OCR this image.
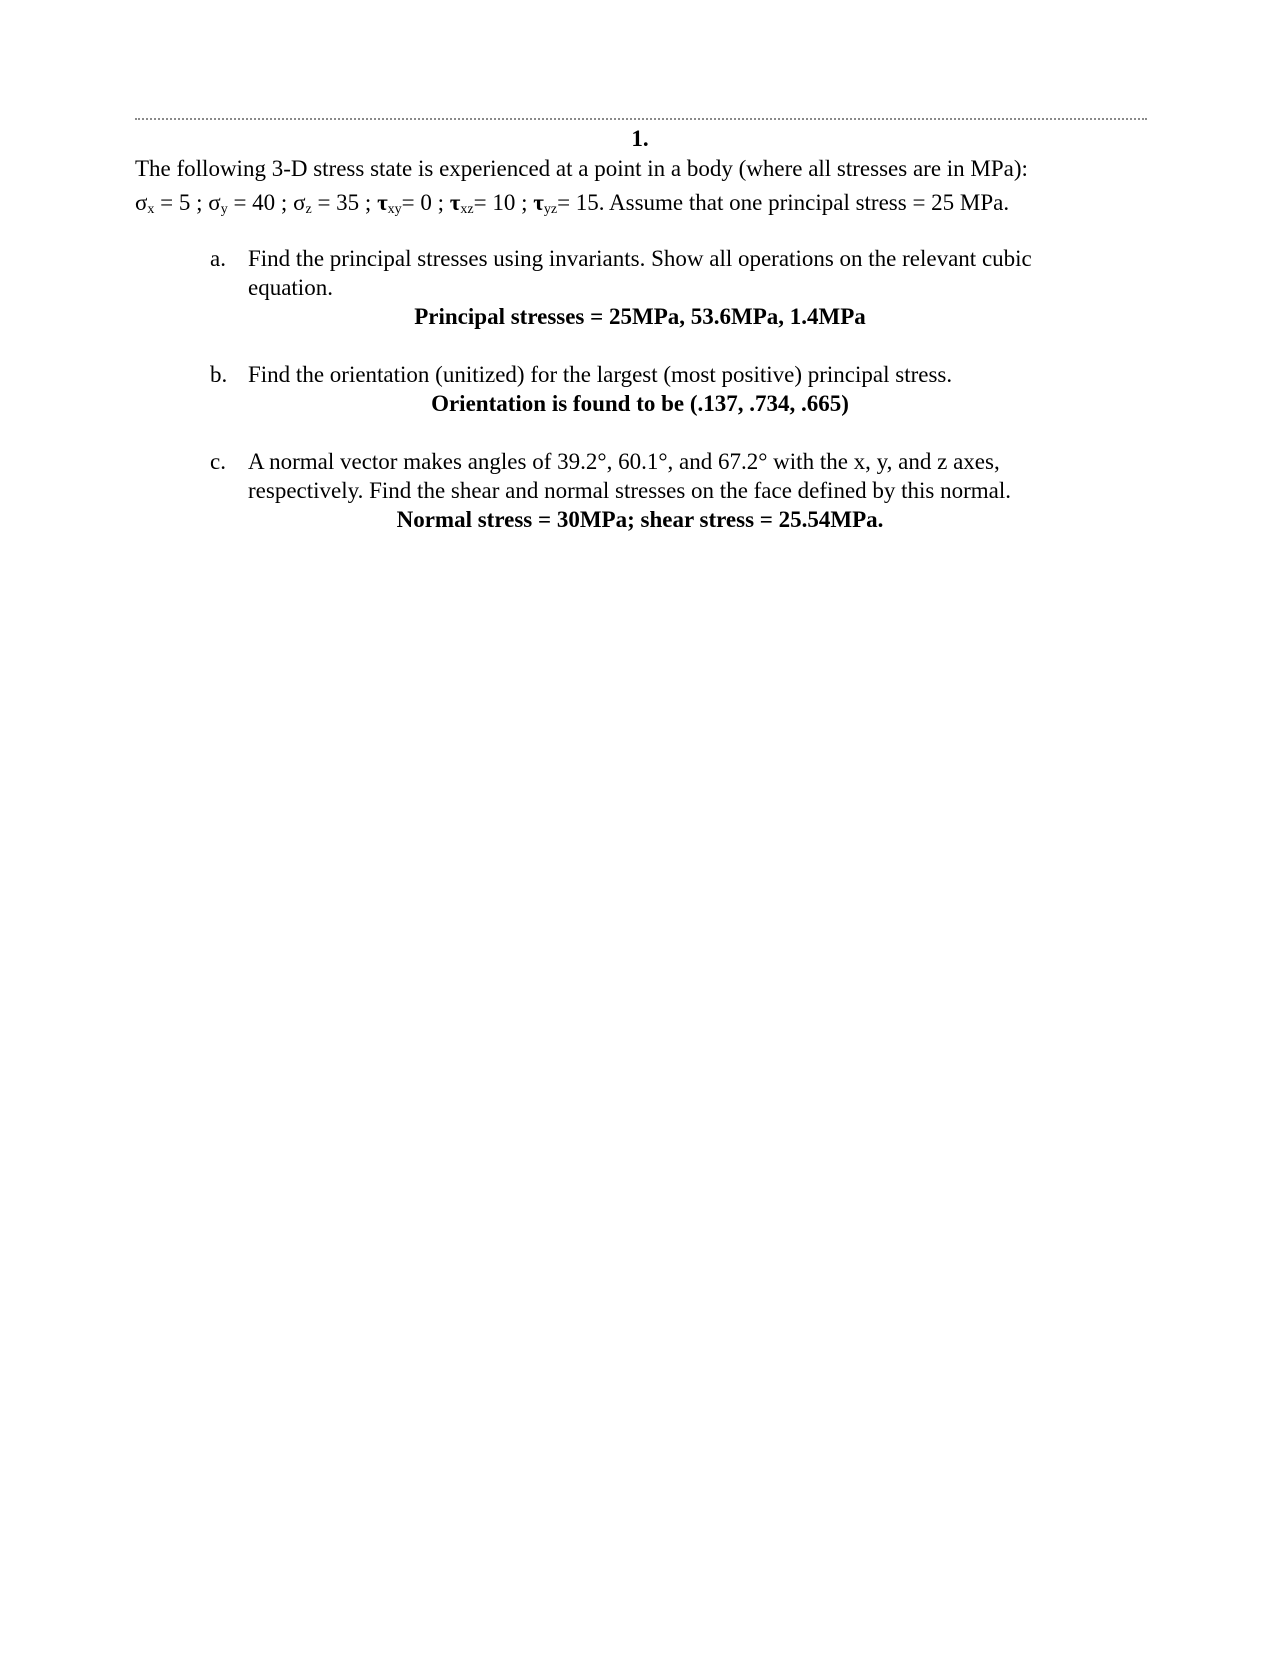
1.
The following 3-D stress state is experienced at a point in a body (where all stresses are in MPa):
$\sigma_x = 5$ ; $\sigma_y = 40$ ; $\sigma_z = 35$ ; $\tau_{xy}= 0$ ; $\tau_{xz}= 10$ ; $\tau_{yz}= 15$. Assume that one principal stress = 25 MPa.
a. Find the principal stresses using invariants. Show all operations on the relevant cubic equation.
Principal stresses = 25MPa, 53.6MPa, 1.4MPa
b. Find the orientation (unitized) for the largest (most positive) principal stress.
Orientation is found to be (.137, .734, .665)
c. A normal vector makes angles of 39.2°, 60.1°, and 67.2° with the x, y, and z axes, respectively. Find the shear and normal stresses on the face defined by this normal.
Normal stress = 30MPa; shear stress = 25.54MPa.
